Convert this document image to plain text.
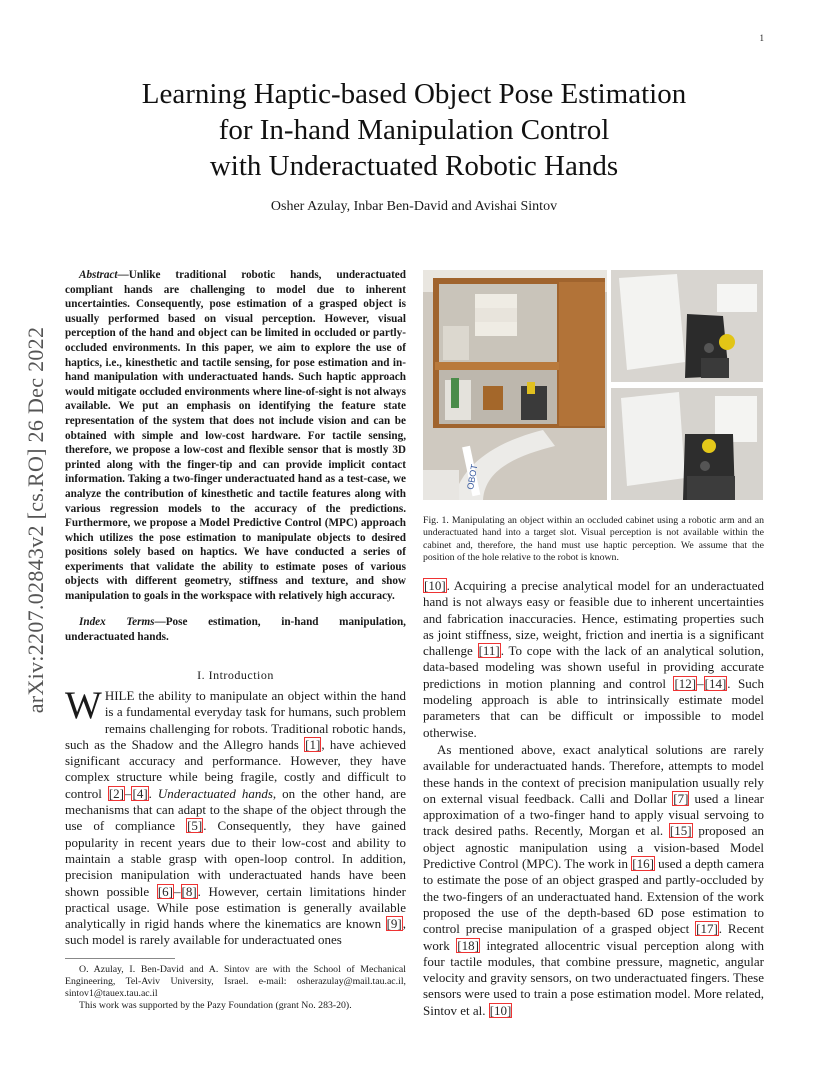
1
arXiv:2207.02843v2 [cs.RO] 26 Dec 2022
Learning Haptic-based Object Pose Estimation
for In-hand Manipulation Control
with Underactuated Robotic Hands
Osher Azulay, Inbar Ben-David and Avishai Sintov
Abstract—Unlike traditional robotic hands, underactuated compliant hands are challenging to model due to inherent uncertainties. Consequently, pose estimation of a grasped object is usually performed based on visual perception. However, visual perception of the hand and object can be limited in occluded or partly-occluded environments. In this paper, we aim to explore the use of haptics, i.e., kinesthetic and tactile sensing, for pose estimation and in-hand manipulation with underactuated hands. Such haptic approach would mitigate occluded environments where line-of-sight is not always available. We put an emphasis on identifying the feature state representation of the system that does not include vision and can be obtained with simple and low-cost hardware. For tactile sensing, therefore, we propose a low-cost and flexible sensor that is mostly 3D printed along with the finger-tip and can provide implicit contact information. Taking a two-finger underactuated hand as a test-case, we analyze the contribution of kinesthetic and tactile features along with various regression models to the accuracy of the predictions. Furthermore, we propose a Model Predictive Control (MPC) approach which utilizes the pose estimation to manipulate objects to desired positions solely based on haptics. We have conducted a series of experiments that validate the ability to estimate poses of various objects with different geometry, stiffness and texture, and show manipulation to goals in the workspace with relatively high accuracy.
Index Terms—Pose estimation, in-hand manipulation, underactuated hands.
I. Introduction
WHILE the ability to manipulate an object within the hand is a fundamental everyday task for humans, such problem remains challenging for robots. Traditional robotic hands, such as the Shadow and the Allegro hands [1], have achieved significant accuracy and performance. However, they have complex structure while being fragile, costly and difficult to control [2]–[4]. Underactuated hands, on the other hand, are mechanisms that can adapt to the shape of the object through the use of compliance [5]. Consequently, they have gained popularity in recent years due to their low-cost and ability to maintain a stable grasp with open-loop control. In addition, precision manipulation with underactuated hands have been shown possible [6]–[8]. However, certain limitations hinder practical usage. While pose estimation is generally available analytically in rigid hands where the kinematics are known [9], such model is rarely available for underactuated ones
O. Azulay, I. Ben-David and A. Sintov are with the School of Mechanical Engineering, Tel-Aviv University, Israel. e-mail: osherazulay@mail.tau.ac.il, sintov1@tauex.tau.ac.il
This work was supported by the Pazy Foundation (grant No. 283-20).
OBOT
Fig. 1. Manipulating an object within an occluded cabinet using a robotic arm and an underactuated hand into a target slot. Visual perception is not available within the cabinet and, therefore, the hand must use haptic perception. We assume that the position of the hole relative to the robot is known.

[10]. Acquiring a precise analytical model for an underactuated hand is not always easy or feasible due to inherent uncertainties and fabrication inaccuracies. Hence, estimating properties such as joint stiffness, size, weight, friction and inertia is a significant challenge [11]. To cope with the lack of an analytical solution, data-based modeling was shown useful in providing accurate predictions in motion planning and control [12]–[14]. Such modeling approach is able to intrinsically estimate model parameters that can be difficult or impossible to model otherwise.

As mentioned above, exact analytical solutions are rarely available for underactuated hands. Therefore, attempts to model these hands in the context of precision manipulation usually rely on external visual feedback. Calli and Dollar [7] used a linear approximation of a two-finger hand to apply visual servoing to track desired paths. Recently, Morgan et al. [15] proposed an object agnostic manipulation using a vision-based Model Predictive Control (MPC). The work in [16] used a depth camera to estimate the pose of an object grasped and partly-occluded by the two-fingers of an underactuated hand. Extension of the work proposed the use of the depth-based 6D pose estimation to control precise manipulation of a grasped object [17]. Recent work [18] integrated allocentric visual perception along with four tactile modules, that combine pressure, magnetic, angular velocity and gravity sensors, on two underactuated fingers. These sensors were used to train a pose estimation model. More related, Sintov et al. [10]
